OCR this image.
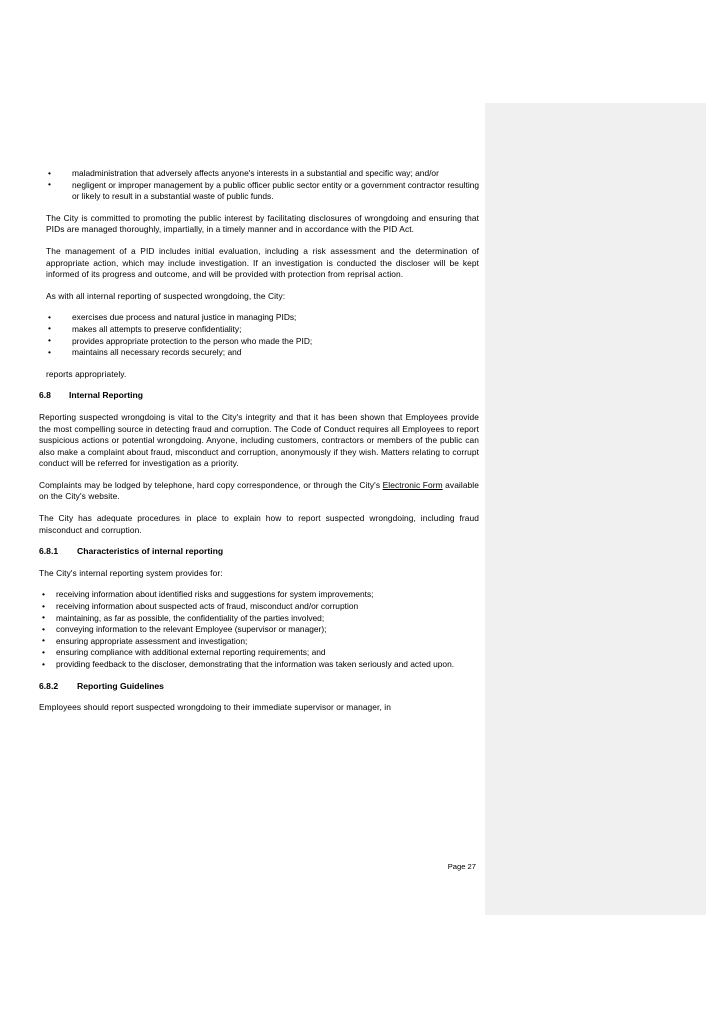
• maladministration that adversely affects anyone's interests in a substantial and specific way; and/or
• negligent or improper management by a public officer public sector entity or a government contractor resulting or likely to result in a substantial waste of public funds.

The City is committed to promoting the public interest by facilitating disclosures of wrongdoing and ensuring that PIDs are managed thoroughly, impartially, in a timely manner and in accordance with the PID Act.

The management of a PID includes initial evaluation, including a risk assessment and the determination of appropriate action, which may include investigation. If an investigation is conducted the discloser will be kept informed of its progress and outcome, and will be provided with protection from reprisal action.

As with all internal reporting of suspected wrongdoing, the City:

• exercises due process and natural justice in managing PIDs;
• makes all attempts to preserve confidentiality;
• provides appropriate protection to the person who made the PID;
• maintains all necessary records securely; and

reports appropriately.

6.8 Internal Reporting

Reporting suspected wrongdoing is vital to the City's integrity and that it has been shown that Employees provide the most compelling source in detecting fraud and corruption. The Code of Conduct requires all Employees to report suspicious actions or potential wrongdoing. Anyone, including customers, contractors or members of the public can also make a complaint about fraud, misconduct and corruption, anonymously if they wish. Matters relating to corrupt conduct will be referred for investigation as a priority.

Complaints may be lodged by telephone, hard copy correspondence, or through the City's Electronic Form available on the City's website.

The City has adequate procedures in place to explain how to report suspected wrongdoing, including fraud misconduct and corruption.

6.8.1 Characteristics of internal reporting

The City's internal reporting system provides for:

• receiving information about identified risks and suggestions for system improvements;
• receiving information about suspected acts of fraud, misconduct and/or corruption
• maintaining, as far as possible, the confidentiality of the parties involved;
• conveying information to the relevant Employee (supervisor or manager);
• ensuring appropriate assessment and investigation;
• ensuring compliance with additional external reporting requirements; and
• providing feedback to the discloser, demonstrating that the information was taken seriously and acted upon.
6.8.2 Reporting Guidelines

Employees should report suspected wrongdoing to their immediate supervisor or manager, in

Page 27
